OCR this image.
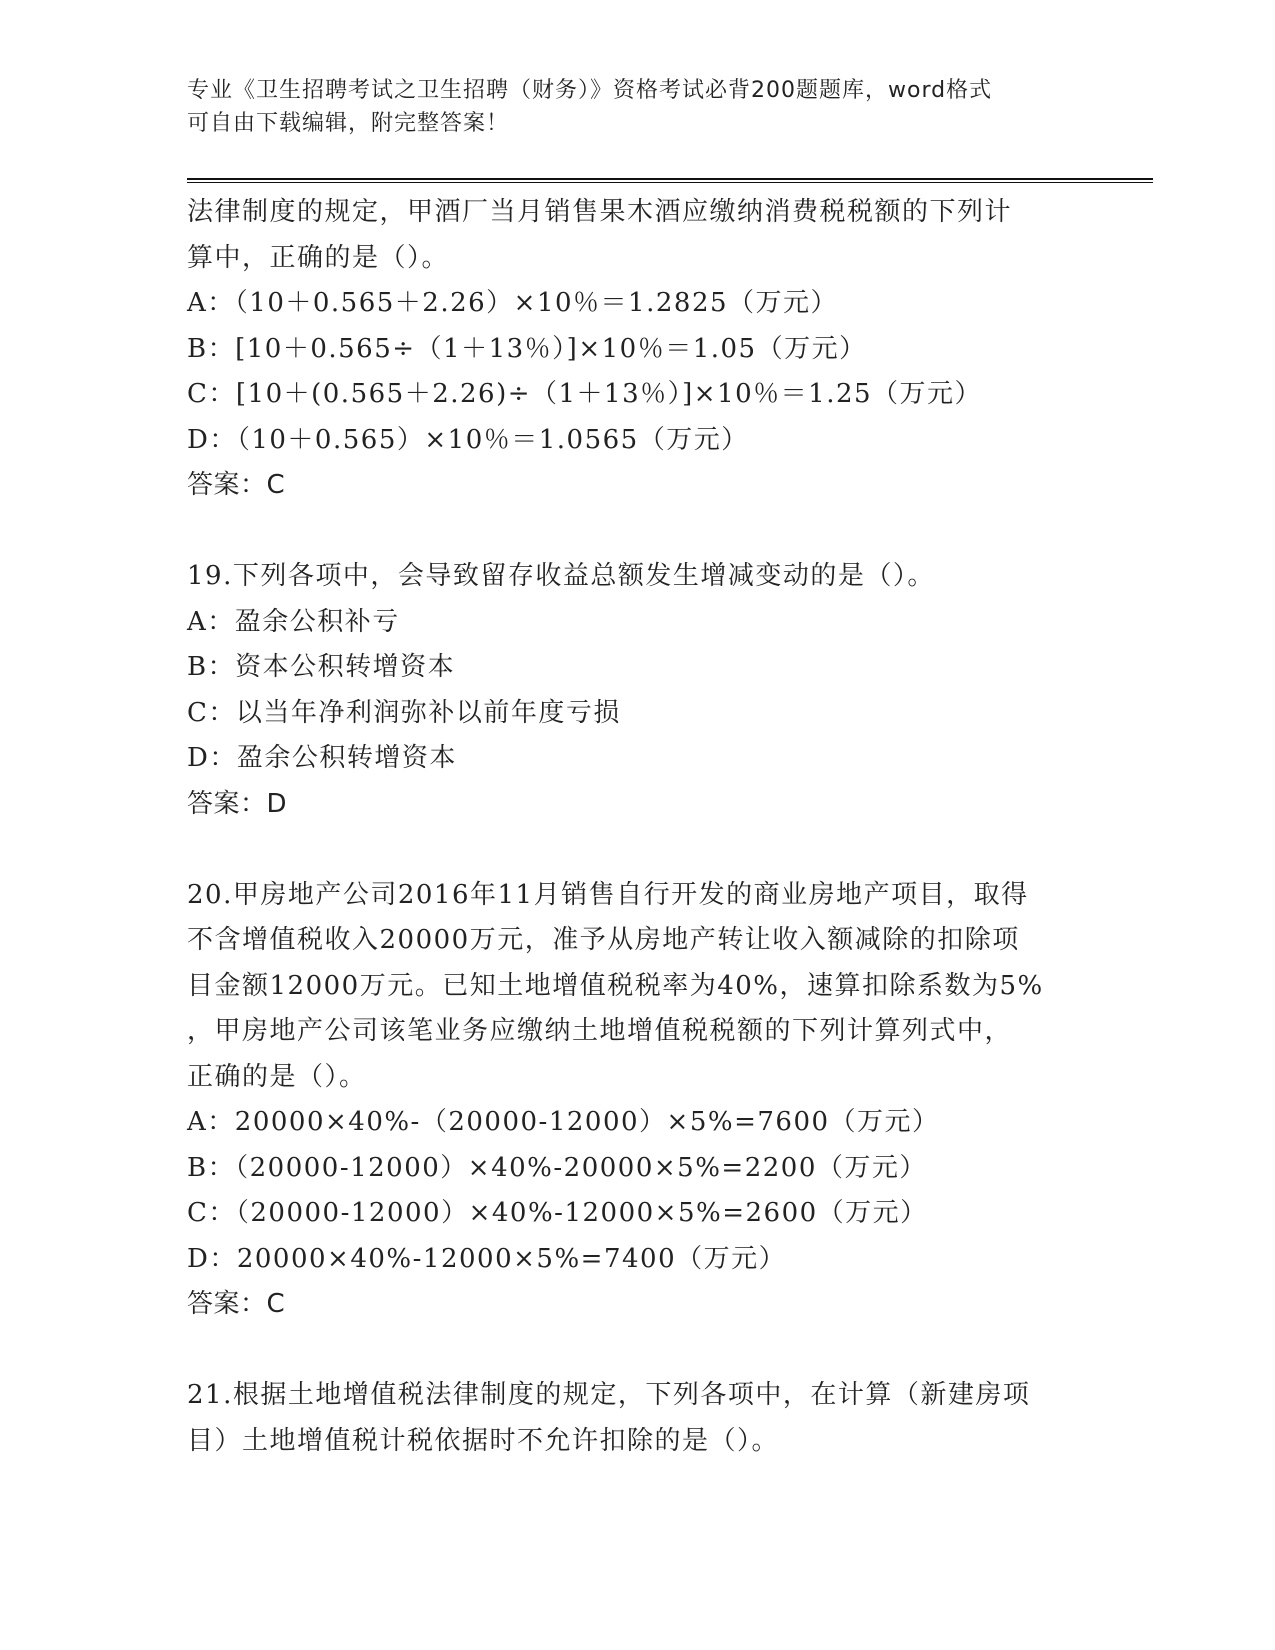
专业《卫生招聘考试之卫生招聘（财务）》资格考试必背200题题库，word格式
可自由下载编辑，附完整答案！
法律制度的规定，甲酒厂当月销售果木酒应缴纳消费税税额的下列计
算中，正确的是（）。
A：（10＋0.565＋2.26）×10％＝1.2825（万元）
B：[10＋0.565÷（1＋13％）]×10％＝1.05（万元）
C：[10＋(0.565＋2.26)÷（1＋13％）]×10％＝1.25（万元）
D：（10＋0.565）×10％＝1.0565（万元）
答案：C
19.下列各项中，会导致留存收益总额发生增减变动的是（）。
A：盈余公积补亏
B：资本公积转增资本
C：以当年净利润弥补以前年度亏损
D：盈余公积转增资本
答案：D
20.甲房地产公司2016年11月销售自行开发的商业房地产项目，取得
不含增值税收入20000万元，准予从房地产转让收入额减除的扣除项
目金额12000万元。已知土地增值税税率为40%，速算扣除系数为5%
，甲房地产公司该笔业务应缴纳土地增值税税额的下列计算列式中，
正确的是（）。
A：20000×40%-（20000-12000）×5%=7600（万元）
B：（20000-12000）×40%-20000×5%=2200（万元）
C：（20000-12000）×40%-12000×5%=2600（万元）
D：20000×40%-12000×5%=7400（万元）
答案：C
21.根据土地增值税法律制度的规定，下列各项中，在计算（新建房项
目）土地增值税计税依据时不允许扣除的是（）。
